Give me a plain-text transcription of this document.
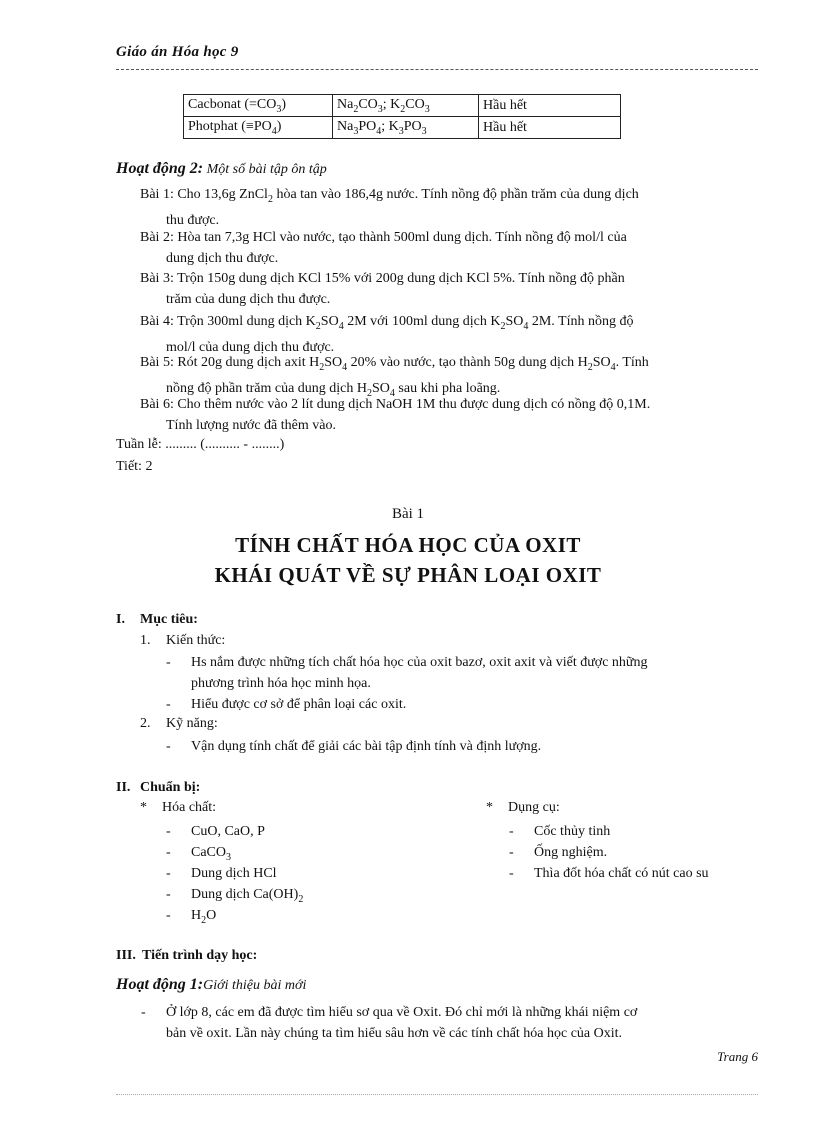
Giáo án Hóa học 9
Cacbonat $(=CO_3)$	$Na_2CO_3$; $K_2CO_3$	Hầu hết
Photphat $(\equiv PO_4)$	$Na_3PO_4$; $K_3PO_3$	Hầu hết
Hoạt động 2: Một số bài tập ôn tập
Bài 1: Cho 13,6g ZnCl$_2$ hòa tan vào 186,4g nước. Tính nồng độ phần trăm của dung dịch
thu được.
Bài 2: Hòa tan 7,3g HCl vào nước, tạo thành 500ml dung dịch. Tính nồng độ mol/l của
dung dịch thu được.
Bài 3: Trộn 150g dung dịch KCl 15% với 200g dung dịch KCl 5%. Tính nồng độ phần
trăm của dung dịch thu được.
Bài 4: Trộn 300ml dung dịch $K_2SO_4$ 2M với 100ml dung dịch $K_2SO_4$ 2M. Tính nồng độ
mol/l của dung dịch thu được.
Bài 5: Rót 20g dung dịch axit $H_2SO_4$ 20% vào nước, tạo thành 50g dung dịch $H_2SO_4$. Tính
nồng độ phần trăm của dung dịch $H_2SO_4$ sau khi pha loãng.
Bài 6: Cho thêm nước vào 2 lít dung dịch NaOH 1M thu được dung dịch có nồng độ 0,1M.
Tính lượng nước đã thêm vào.
Tuần lễ: ......... (.......... - ........)
Tiết: 2
Bài 1
TÍNH CHẤT HÓA HỌC CỦA OXIT
KHÁI QUÁT VỀ SỰ PHÂN LOẠI OXIT
I. Mục tiêu:
1. Kiến thức:
- Hs nắm được những tích chất hóa học của oxit bazơ, oxit axit và viết được những
phương trình hóa học minh họa.
- Hiểu được cơ sở để phân loại các oxit.
2. Kỹ năng:
- Vận dụng tính chất để giải các bài tập định tính và định lượng.
II. Chuẩn bị:
* Hóa chất:
- CuO, CaO, P
- CaCO$_3$
- Dung dịch HCl
- Dung dịch $Ca(OH)_2$
- $H_2O$
* Dụng cụ:
- Cốc thủy tinh
- Ống nghiệm.
- Thìa đốt hóa chất có nút cao su
III. Tiến trình dạy học:
Hoạt động 1:Giới thiệu bài mới
- Ở lớp 8, các em đã được tìm hiểu sơ qua về Oxit. Đó chỉ mới là những khái niệm cơ
bản về oxit. Lần này chúng ta tìm hiểu sâu hơn về các tính chất hóa học của Oxit.
Trang 6
